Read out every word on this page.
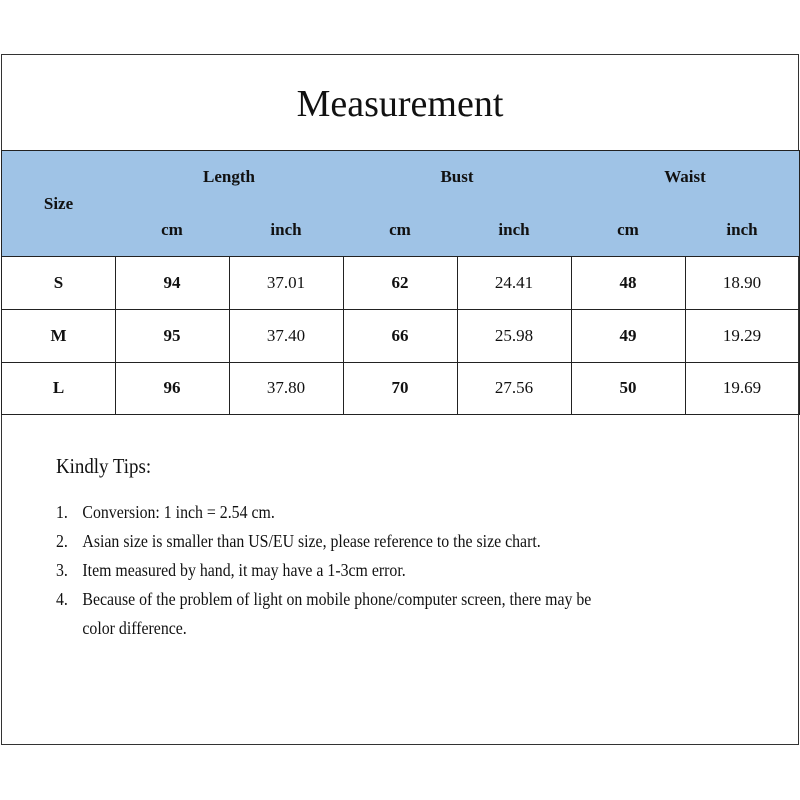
Measurement
Size
Length	Bust	Waist
cm	inch	cm	inch	cm	inch
S	94	37.01	62	24.41	48	18.90
M	95	37.40	66	25.98	49	19.29
L	96	37.80	70	27.56	50	19.69
Kindly Tips:
1. Conversion: 1 inch = 2.54 cm.
2. Asian size is smaller than US/EU size, please reference to the size chart.
3. Item measured by hand, it may have a 1-3cm error.
4. Because of the problem of light on mobile phone/computer screen, there may be
color difference.
